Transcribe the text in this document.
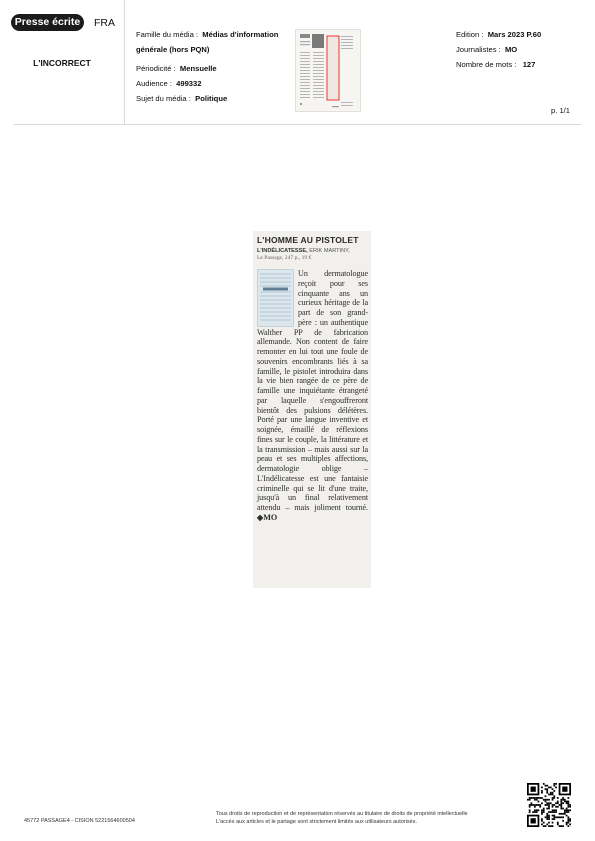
Presse écrite	FRA
L'INCORRECT
Famille du média : Médias d'information
générale (hors PQN)
Périodicité : Mensuelle
Audience : 499332
Sujet du média : Politique
Edition : Mars 2023 P.60
Journalistes : MO
Nombre de mots : 127
p. 1/1
L'HOMME AU PISTOLET
L'INDÉLICATESSE, ERIK MARTINY,
Le Passage, 247 p., 19 €
Un dermatologue reçoit pour ses cinquante ans un curieux héritage de la part de son grand-père : un authentique Walther PP de fabrication allemande. Non content de faire remonter en lui tout une foule de souvenirs encombrants liés à sa famille, le pistolet introduira dans la vie bien rangée de ce père de famille une inquiétante étrangeté par laquelle s'engouffreront bientôt des pulsions délétères. Porté par une langue inventive et soignée, émaillé de réflexions fines sur le couple, la littérature et la transmission – mais aussi sur la peau et ses multiples affections, dermatologie oblige – L'Indélicatesse est une fantaisie criminelle qui se lit d'une traite, jusqu'à un final relativement attendu – mais joliment tourné. ◆MO
45772 PASSAGE4 - CISION 5221564600504
Tous droits de reproduction et de représentation réservés au titulaire de droits de propriété intellectuelle
L'accès aux articles et le partage sont strictement limités aux utilisateurs autorisés.
